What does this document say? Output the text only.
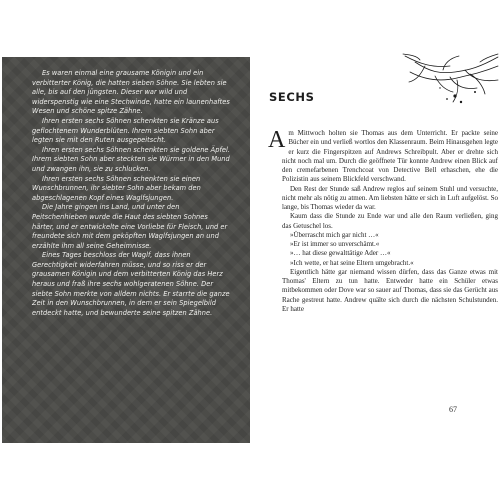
Es waren einmal eine grausame Königin und ein verbitterter König, die hatten sieben Söhne. Sie lebten sie alle, bis auf den jüngsten. Dieser war wild und widerspenstig wie eine Stechwinde, hatte ein launenhaftes Wesen und schöne spitze Zähne.

Ihren ersten sechs Söhnen schenkten sie Kränze aus geflochtenem Wunderblüten. Ihrem siebten Sohn aber legten sie mit den Ruten ausgepeitscht.

Ihren ersten sechs Söhnen schenkten sie goldene Äpfel. Ihrem siebten Sohn aber steckten sie Würmer in den Mund und zwangen ihn, sie zu schlucken.

Ihren ersten sechs Söhnen schenkten sie einen Wunschbrunnen, ihr siebter Sohn aber bekam den abgeschlagenen Kopf eines Waglfsjungen.

Die Jahre gingen ins Land, und unter den Peitschenhieben wurde die Haut des siebten Sohnes härter, und er entwickelte eine Vorliebe für Fleisch, und er freundete sich mit dem geköpften Waglfsjungen an und erzählte ihm all seine Geheimnisse.

Eines Tages beschloss der Waglf, dass ihnen Gerechtigkeit widerfahren müsse, und so riss er der grausamen Königin und dem verbitterten König das Herz heraus und fraß ihre sechs wohlgeratenen Söhne. Der siebte Sohn merkte von alldem nichts. Er starrte die ganze Zeit in den Wunschbrunnen, in dem er sein Spiegelbild entdeckt hatte, und bewunderte seine spitzen Zähne.

SECHS

Am Mittwoch holten sie Thomas aus dem Unterricht. Er packte seine Bücher ein und verließ wortlos den Klassenraum. Beim Hinausgehen legte er kurz die Fingerspitzen auf Andrews Schreibpult. Aber er drehte sich nicht noch mal um. Durch die geöffnete Tür konnte Andrew einen Blick auf den cremefarbenen Trenchcoat von Detective Bell erhaschen, ehe die Polizistin aus seinem Blickfeld verschwand.

Den Rest der Stunde saß Andrew reglos auf seinem Stuhl und versuchte, nicht mehr als nötig zu atmen. Am liebsten hätte er sich in Luft aufgelöst. So lange, bis Thomas wieder da war.

Kaum dass die Stunde zu Ende war und alle den Raum verließen, ging das Getuschel los.

»Überrascht mich gar nicht …«

»Er ist immer so unverschämt.«

»… hat diese gewalttätige Ader …«

»Ich wette, er hat seine Eltern umgebracht.«

Eigentlich hätte gar niemand wissen dürfen, dass das Ganze etwas mit Thomas' Eltern zu tun hatte. Entweder hatte ein Schüler etwas mitbekommen oder Dove war so sauer auf Thomas, dass sie das Gerücht aus Rache gestreut hatte. Andrew quälte sich durch die nächsten Schulstunden. Er hatte

67
